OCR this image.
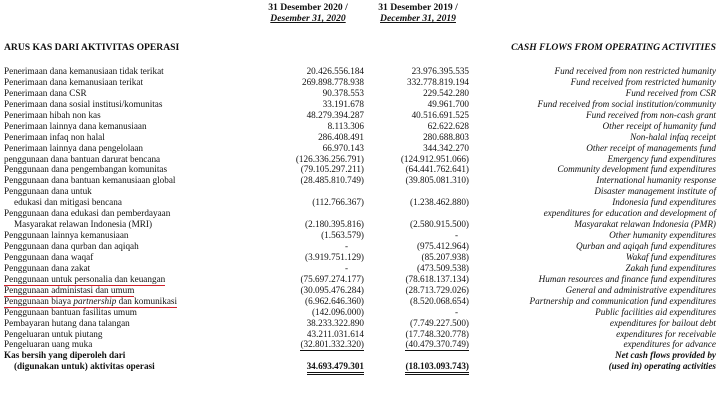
31 Desember 2020 /
Desember 31, 2020
31 Desember 2019 /
December 31, 2019
ARUS KAS DARI AKTIVITAS OPERASI	CASH FLOWS FROM OPERATING ACTIVITIES
Penerimaan dana kemanusiaan tidak terikat	20.426.556.184	23.976.395.535	Fund received from non restricted humanity
Penerimaan dana kemanusiaan terikat	269.898.778.938	332.778.819.194	Fund received from restricted humanity
Penerimaan dana CSR	90.378.553	229.542.280	Fund received from CSR
Penerimaan dana sosial institusi/komunitas	33.191.678	49.961.700	Fund received from social institution/community
Penerimaan hibah non kas	48.279.394.287	40.516.691.525	Fund received from non-cash grant
Penerimaan lainnya dana kemanusiaan	8.113.306	62.622.628	Other receipt of humanity fund
Penerimaan infaq non halal	286.408.491	280.688.803	Non-halal infaq receipt
Penerimaan lainnya dana pengelolaan	66.970.143	344.342.270	Other receipt of managements fund
penggunaan dana bantuan darurat bencana	(126.336.256.791)	(124.912.951.066)	Emergency fund expenditures
Penggunaan dana pengembangan komunitas	(79.105.297.211)	(64.441.762.641)	Community development fund expenditures
Penggunaan dana bantuan kemanusiaan global	(28.485.810.749)	(39.805.081.310)	International humanity response
Penggunaan dana untuk	Disaster management institute of
edukasi dan mitigasi bencana	(112.766.367)	(1.238.462.880)	Indonesia fund expenditures
Penggunaan dana edukasi dan pemberdayaan	expenditures for education and development of
Masyarakat relawan Indonesia (MRI)	(2.180.395.816)	(2.580.915.500)	Masyarakat relawan Indonesia (PMR)
Penggunaan lainnya kemanusiaan	(1.563.579)	-	Other humanity expenditures
Penggunaan dana qurban dan aqiqah	-	(975.412.964)	Qurban and aqiqah fund expenditures
Penggunaan dana waqaf	(3.919.751.129)	(85.207.938)	Wakaf fund expenditures
Penggunaan dana zakat	-	(473.509.538)	Zakah fund expenditures
Penggunaan untuk personalia dan keuangan	(75.697.274.177)	(78.618.137.134)	Human resources and finance fund expenditures
Penggunaan administasi dan umum	(30.095.476.284)	(28.713.729.026)	General and administrative expenditures
Penggunaan biaya partnership dan komunikasi	(6.962.646.360)	(8.520.068.654)	Partnership and communication fund expenditures
Penggunaan bantuan fasilitas umum	(142.096.000)	-	Public facilities aid expenditures
Pembayaran hutang dana talangan	38.233.322.890	(7.749.227.500)	expenditures for bailout debt
Pengeluaran untuk piutang	43.211.031.614	(17.748.320.778)	expenditures for receivable
Pengeluaran uang muka	(32.801.332.320)	(40.479.370.749)	expenditures for advance
Kas bersih yang diperoleh dari	Net cash flows provided by
(digunakan untuk) aktivitas operasi	34.693.479.301	(18.103.093.743)	(used in) operating activities
